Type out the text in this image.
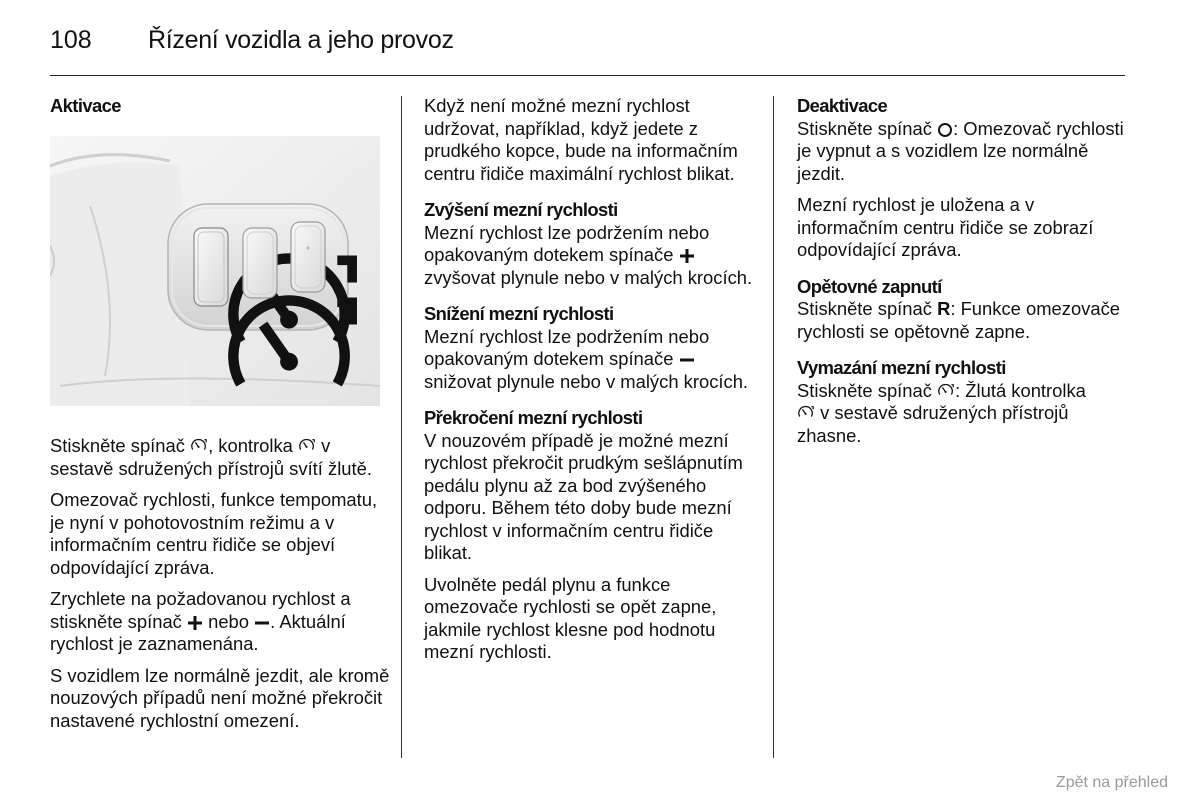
108 Řízení vozidla a jeho provoz
Aktivace

Stiskněte spínač , kontrolka  v sestavě sdružených přístrojů svítí žlutě.

Omezovač rychlosti, funkce tempomatu, je nyní v pohotovostním režimu a v informačním centru řidiče se objeví odpovídající zpráva.

Zrychlete na požadovanou rychlost a stiskněte spínač  nebo . Aktuální rychlost je zaznamenána.

S vozidlem lze normálně jezdit, ale kromě nouzových případů není možné překročit nastavené rychlostní omezení.

Když není možné mezní rychlost udržovat, například, když jedete z prudkého kopce, bude na informačním centru řidiče maximální rychlost blikat.

Zvýšení mezní rychlosti

Mezní rychlost lze podržením nebo opakovaným dotekem spínače  zvyšovat plynule nebo v malých krocích.

Snížení mezní rychlosti

Mezní rychlost lze podržením nebo opakovaným dotekem spínače  snižovat plynule nebo v malých krocích.

Překročení mezní rychlosti

V nouzovém případě je možné mezní rychlost překročit prudkým sešlápnutím pedálu plynu až za bod zvýšeného odporu. Během této doby bude mezní rychlost v informačním centru řidiče blikat.

Uvolněte pedál plynu a funkce omezovače rychlosti se opět zapne, jakmile rychlost klesne pod hodnotu mezní rychlosti.

Deaktivace

Stiskněte spínač : Omezovač rychlosti je vypnut a s vozidlem lze normálně jezdit.

Mezní rychlost je uložena a v informačním centru řidiče se zobrazí odpovídající zpráva.

Opětovné zapnutí

Stiskněte spínač R: Funkce omezovače rychlosti se opětovně zapne.

Vymazání mezní rychlosti

Stiskněte spínač : Žlutá kontrolka
v sestavě sdružených přístrojů zhasne.

Zpět na přehled
